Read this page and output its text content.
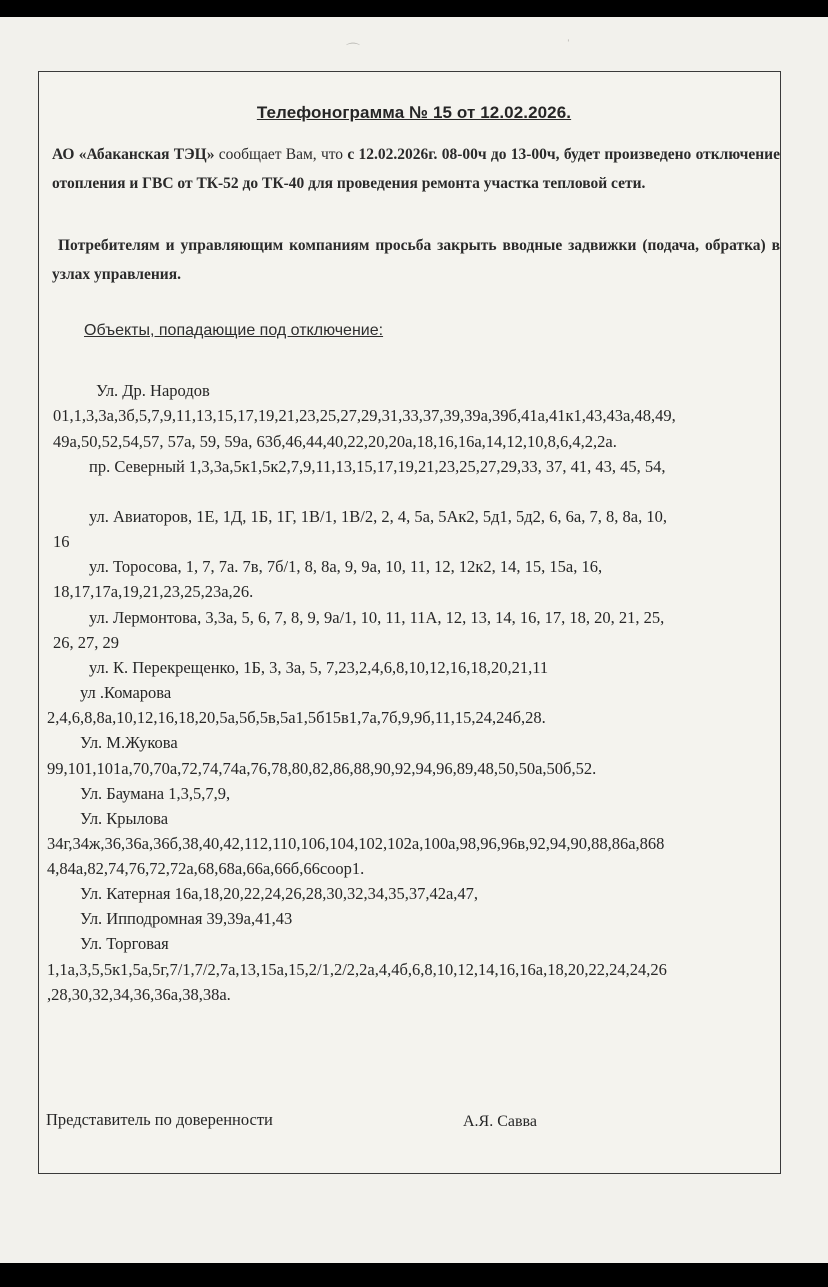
⌒	ˈ
Телефонограмма № 15 от 12.02.2026.
АО «Абаканская ТЭЦ» сообщает Вам, что с 12.02.2026г. 08-00ч до 13-00ч, будет произведено отключение отопления и ГВС от ТК-52 до ТК-40 для проведения ремонта участка тепловой сети.
Потребителям и управляющим компаниям просьба закрыть вводные задвижки (подача, обратка) в узлах управления.
Объекты, попадающие под отключение:
Ул. Др. Народов
01,1,3,3а,3б,5,7,9,11,13,15,17,19,21,23,25,27,29,31,33,37,39,39а,39б,41а,41к1,43,43а,48,49,
49а,50,52,54,57, 57а, 59, 59а, 63б,46,44,40,22,20,20а,18,16,16а,14,12,10,8,6,4,2,2а.
пр. Северный 1,3,3а,5к1,5к2,7,9,11,13,15,17,19,21,23,25,27,29,33, 37, 41, 43, 45, 54,
ул. Авиаторов, 1Е, 1Д, 1Б, 1Г, 1В/1, 1В/2, 2, 4, 5а, 5Ак2, 5д1, 5д2, 6, 6а, 7, 8, 8а, 10,
16
ул. Торосова, 1, 7, 7а. 7в, 7б/1, 8, 8а, 9, 9а, 10, 11, 12, 12к2, 14, 15, 15а, 16,
18,17,17а,19,21,23,25,23а,26.
ул. Лермонтова, 3,3а, 5, 6, 7, 8, 9, 9а/1, 10, 11, 11А, 12, 13, 14, 16, 17, 18, 20, 21, 25,
26, 27, 29
ул. К. Перекрещенко, 1Б, 3, 3а, 5, 7,23,2,4,6,8,10,12,16,18,20,21,11
ул .Комарова
2,4,6,8,8а,10,12,16,18,20,5а,5б,5в,5а1,5б15в1,7а,7б,9,9б,11,15,24,24б,28.
Ул. М.Жукова
99,101,101а,70,70а,72,74,74а,76,78,80,82,86,88,90,92,94,96,89,48,50,50а,50б,52.
Ул. Баумана 1,3,5,7,9,
Ул. Крылова
34г,34ж,36,36а,36б,38,40,42,112,110,106,104,102,102а,100а,98,96,96в,92,94,90,88,86а,868
4,84а,82,74,76,72,72а,68,68а,66а,66б,66соор1.
Ул. Катерная 16а,18,20,22,24,26,28,30,32,34,35,37,42а,47,
Ул. Ипподромная 39,39а,41,43
Ул. Торговая
1,1а,3,5,5к1,5а,5г,7/1,7/2,7а,13,15а,15,2/1,2/2,2а,4,4б,6,8,10,12,14,16,16а,18,20,22,24,24,26
,28,30,32,34,36,36а,38,38а.
Представитель по доверенности	А.Я. Савва
